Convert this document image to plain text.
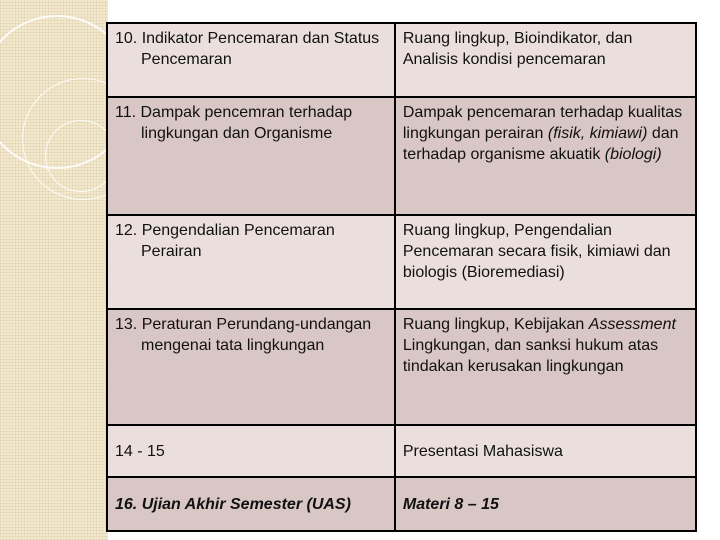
10. Indikator Pencemaran dan Status Pencemaran	Ruang lingkup, Bioindikator, dan Analisis kondisi pencemaran

11. Dampak pencemran terhadap lingkungan dan Organisme	Dampak pencemaran terhadap kualitas lingkungan perairan (fisik, kimiawi) dan terhadap organisme akuatik (biologi)

12. Pengendalian Pencemaran Perairan	Ruang lingkup, Pengendalian Pencemaran secara fisik, kimiawi dan biologis (Bioremediasi)

13. Peraturan Perundang-undangan mengenai tata lingkungan	Ruang lingkup, Kebijakan Assessment Lingkungan, dan sanksi hukum atas tindakan kerusakan lingkungan
14 - 15	Presentasi Mahasiswa
16. Ujian Akhir Semester (UAS)	Materi 8 – 15
